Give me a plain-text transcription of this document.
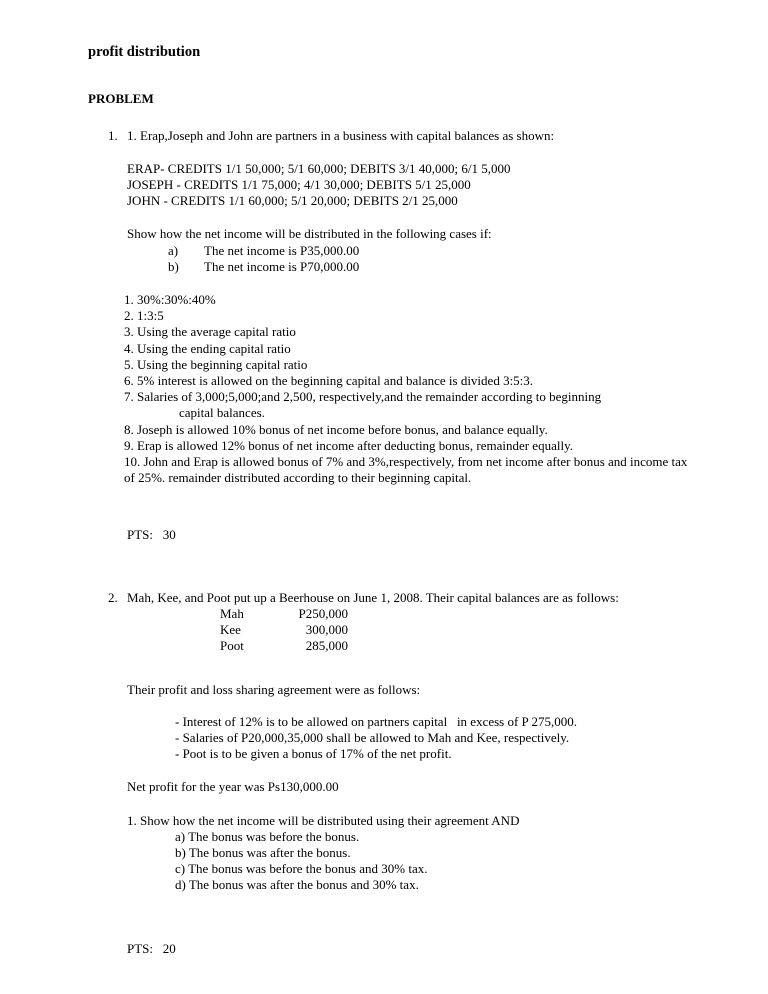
profit distribution
PROBLEM
1. 1. Erap,Joseph and John are partners in a business with capital balances as shown:

ERAP- CREDITS 1/1 50,000; 5/1 60,000; DEBITS 3/1 40,000; 6/1 5,000

JOSEPH - CREDITS 1/1 75,000; 4/1 30,000; DEBITS 5/1 25,000

JOHN - CREDITS 1/1 60,000; 5/1 20,000; DEBITS 2/1 25,000

Show how the net income will be distributed in the following cases if:

a) The net income is P35,000.00
b) The net income is P70,000.00
1. 30%:30%:40%
2. 1:3:5
3. Using the average capital ratio
4. Using the ending capital ratio
5. Using the beginning capital ratio
6. 5% interest is allowed on the beginning capital and balance is divided 3:5:3.
7. Salaries of 3,000;5,000;and 2,500, respectively,and the remainder according to beginning
capital balances.
8. Joseph is allowed 10% bonus of net income before bonus, and balance equally.
9. Erap is allowed 12% bonus of net income after deducting bonus, remainder equally.
10. John and Erap is allowed bonus of 7% and 3%,respectively, from net income after bonus and income tax of 25%. remainder distributed according to their beginning capital.

PTS: 30

2. Mah, Kee, and Poot put up a Beerhouse on June 1, 2008. Their capital balances are as follows:

Mah	P250,000
Kee	300,000
Poot	285,000

Their profit and loss sharing agreement were as follows:

- Interest of 12% is to be allowed on partners capital   in excess of P 275,000.
- Salaries of P20,000,35,000 shall be allowed to Mah and Kee, respectively.
- Poot is to be given a bonus of 17% of the net profit.

Net profit for the year was Ps130,000.00

1. Show how the net income will be distributed using their agreement AND

a) The bonus was before the bonus.
b) The bonus was after the bonus.
c) The bonus was before the bonus and 30% tax.
d) The bonus was after the bonus and 30% tax.

PTS: 20
